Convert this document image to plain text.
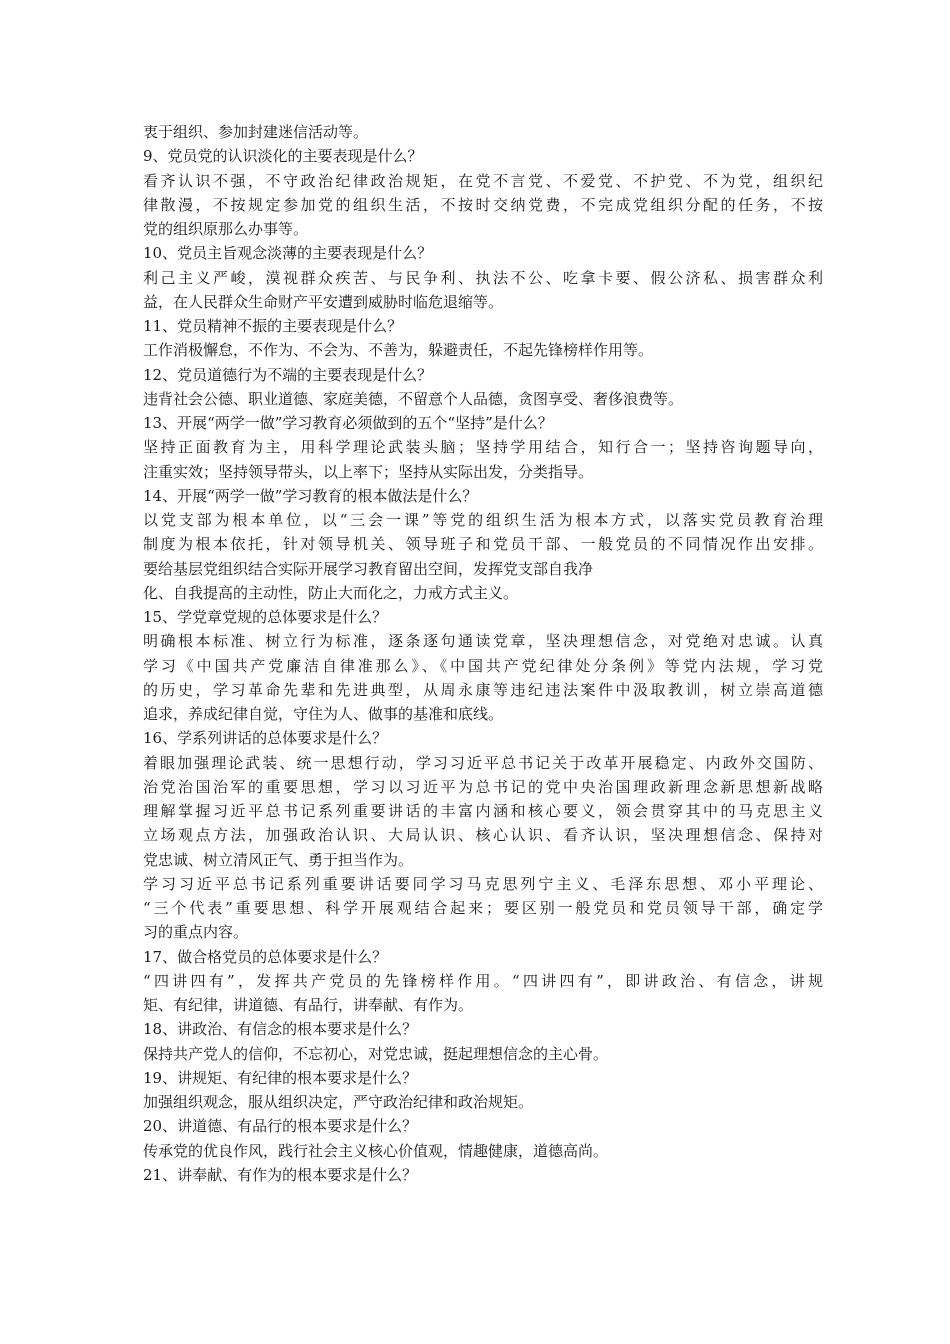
衷于组织、参加封建迷信活动等。
9、党员党的认识淡化的主要表现是什么？
看齐认识不强，不守政治纪律政治规矩，在党不言党、不爱党、不护党、不为党，组织纪
律散漫，不按规定参加党的组织生活，不按时交纳党费，不完成党组织分配的任务，不按
党的组织原那么办事等。
10、党员主旨观念淡薄的主要表现是什么？
利己主义严峻，漠视群众疾苦、与民争利、执法不公、吃拿卡要、假公济私、损害群众利
益，在人民群众生命财产平安遭到威胁时临危退缩等。
11、党员精神不振的主要表现是什么？
工作消极懈怠，不作为、不会为、不善为，躲避责任，不起先锋榜样作用等。
12、党员道德行为不端的主要表现是什么？
违背社会公德、职业道德、家庭美德，不留意个人品德，贪图享受、奢侈浪费等。
13、开展“两学一做”学习教育必须做到的五个“坚持”是什么？
坚持正面教育为主，用科学理论武装头脑；坚持学用结合，知行合一；坚持咨询题导向，
注重实效；坚持领导带头，以上率下；坚持从实际出发，分类指导。
14、开展“两学一做”学习教育的根本做法是什么？
以党支部为根本单位，以“三会一课”等党的组织生活为根本方式，以落实党员教育治理
制度为根本依托，针对领导机关、领导班子和党员干部、一般党员的不同情况作出安排。
要给基层党组织结合实际开展学习教育留出空间，发挥党支部自我净
化、自我提高的主动性，防止大而化之，力戒方式主义。
15、学党章党规的总体要求是什么？
明确根本标准、树立行为标准，逐条逐句通读党章，坚决理想信念，对党绝对忠诚。认真
学习《中国共产党廉洁自律准那么》、《中国共产党纪律处分条例》等党内法规，学习党
的历史，学习革命先辈和先进典型，从周永康等违纪违法案件中汲取教训，树立崇高道德
追求，养成纪律自觉，守住为人、做事的基准和底线。
16、学系列讲话的总体要求是什么？
着眼加强理论武装、统一思想行动，学习习近平总书记关于改革开展稳定、内政外交国防、
治党治国治军的重要思想，学习以习近平为总书记的党中央治国理政新理念新思想新战略
理解掌握习近平总书记系列重要讲话的丰富内涵和核心要义，领会贯穿其中的马克思主义
立场观点方法，加强政治认识、大局认识、核心认识、看齐认识，坚决理想信念、保持对
党忠诚、树立清风正气、勇于担当作为。
学习习近平总书记系列重要讲话要同学习马克思列宁主义、毛泽东思想、邓小平理论、
“三个代表”重要思想、科学开展观结合起来；要区别一般党员和党员领导干部，确定学
习的重点内容。
17、做合格党员的总体要求是什么？
“四讲四有”，发挥共产党员的先锋榜样作用。“四讲四有”，即讲政治、有信念，讲规
矩、有纪律，讲道德、有品行，讲奉献、有作为。
18、讲政治、有信念的根本要求是什么？
保持共产党人的信仰，不忘初心，对党忠诚，挺起理想信念的主心骨。
19、讲规矩、有纪律的根本要求是什么？
加强组织观念，服从组织决定，严守政治纪律和政治规矩。
20、讲道德、有品行的根本要求是什么？
传承党的优良作风，践行社会主义核心价值观，情趣健康，道德高尚。
21、讲奉献、有作为的根本要求是什么？
